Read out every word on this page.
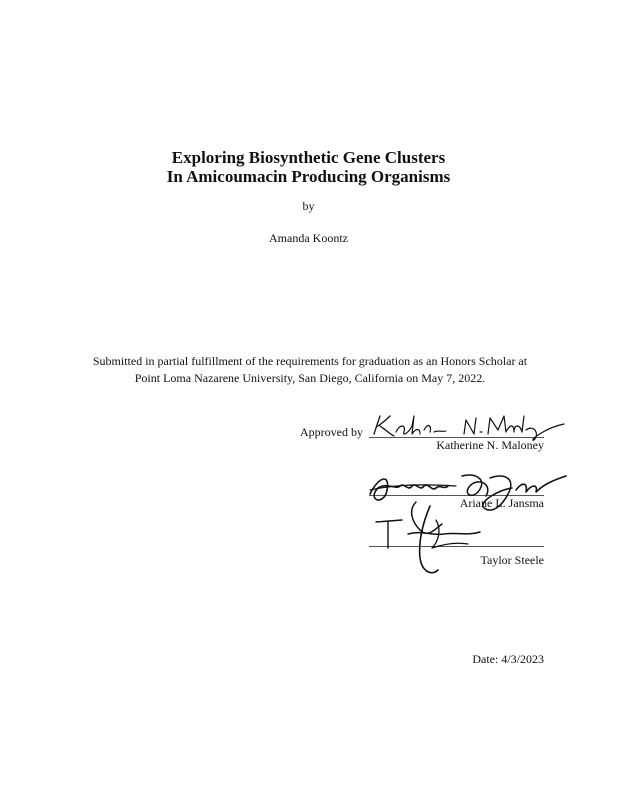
Exploring Biosynthetic Gene Clusters
In Amicoumacin Producing Organisms
by
Amanda Koontz
Submitted in partial fulfillment of the requirements for graduation as an Honors Scholar at
Point Loma Nazarene University, San Diego, California on May 7, 2022.
Approved by
Katherine N. Maloney
Ariane L. Jansma
Taylor Steele
Date: 4/3/2023
